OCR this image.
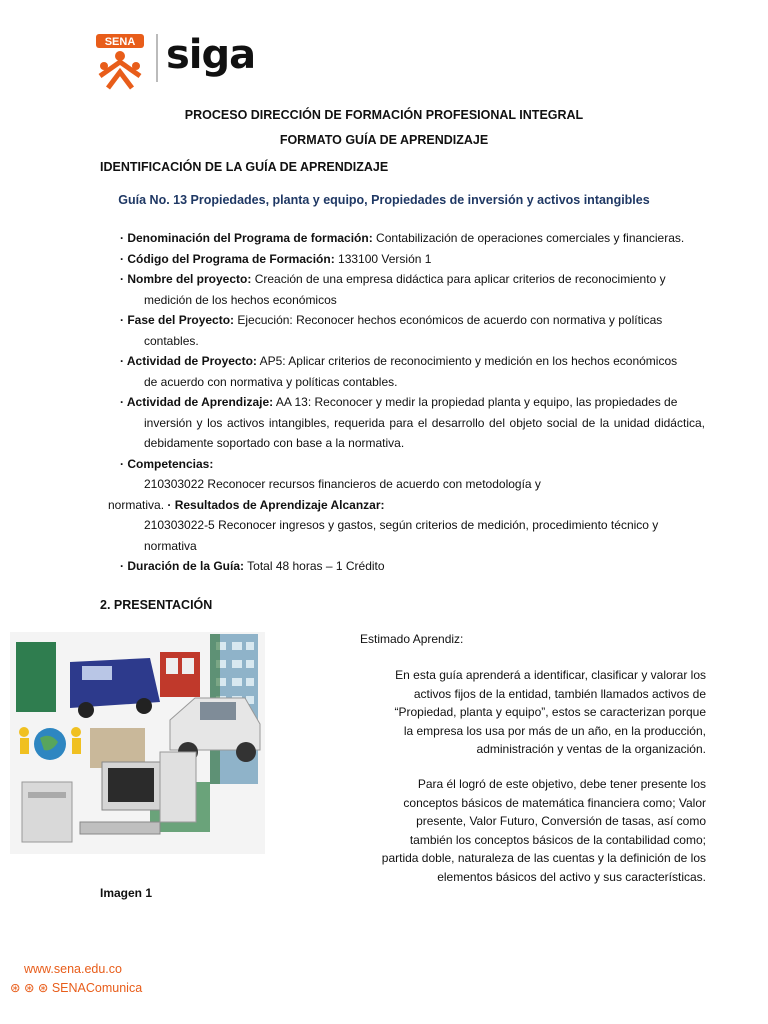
SENA siga
PROCESO DIRECCIÓN DE FORMACIÓN PROFESIONAL INTEGRAL
FORMATO GUÍA DE APRENDIZAJE
IDENTIFICACIÓN DE LA GUÍA DE APRENDIZAJE
Guía No. 13 Propiedades, planta y equipo, Propiedades de inversión y activos intangibles
· Denominación del Programa de formación: Contabilización de operaciones comerciales y financieras.
· Código del Programa de Formación: 133100 Versión 1
· Nombre del proyecto: Creación de una empresa didáctica para aplicar criterios de reconocimiento y
medición de los hechos económicos
· Fase del Proyecto: Ejecución: Reconocer hechos económicos de acuerdo con normativa y políticas
contables.
· Actividad de Proyecto: AP5: Aplicar criterios de reconocimiento y medición en los hechos económicos
de acuerdo con normativa y políticas contables.
· Actividad de Aprendizaje: AA 13: Reconocer y medir la propiedad planta y equipo, las propiedades de
inversión y los activos intangibles, requerida para el desarrollo del objeto social de la unidad didáctica, debidamente soportado con base a la normativa.
· Competencias:
210303022 Reconocer recursos financieros de acuerdo con metodología y
normativa. · Resultados de Aprendizaje Alcanzar:
210303022-5 Reconocer ingresos y gastos, según criterios de medición, procedimiento técnico y
normativa
· Duración de la Guía: Total 48 horas – 1 Crédito
2. PRESENTACIÓN
Imagen 1
Estimado Aprendiz:
En esta guía aprenderá a identificar, clasificar y valorar los
activos fijos de la entidad, también llamados activos de
“Propiedad, planta y equipo”, estos se caracterizan porque
la empresa los usa por más de un año, en la producción,
administración y ventas de la organización.
Para él logró de este objetivo, debe tener presente los
conceptos básicos de matemática financiera como; Valor
presente, Valor Futuro, Conversión de tasas, así como
también los conceptos básicos de la contabilidad como;
partida doble, naturaleza de las cuentas y la definición de los
elementos básicos del activo y sus características.
www.sena.edu.co
⊛ ⊛ ⊛ SENAComunica
